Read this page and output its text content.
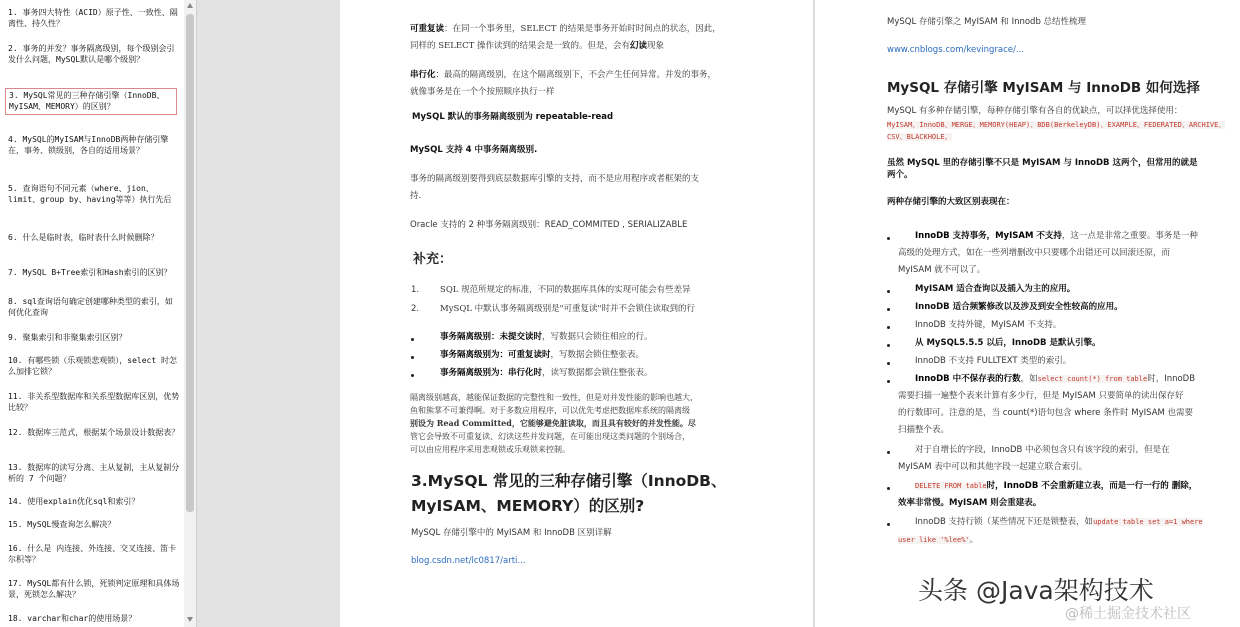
1. 事务四大特性（ACID）原子性、一致性、隔离性、持久性？
2. 事务的并发？事务隔离级别，每个级别会引发什么问题，MySQL默认是哪个级别？
3. MySQL常见的三种存储引擎（InnoDB、MyISAM、MEMORY）的区别？
4. MySQL的MyISAM与InnoDB两种存储引擎在，事务、锁级别，各自的适用场景？
5. 查询语句不同元素（where、jion、limit、group by、having等等）执行先后
6. 什么是临时表，临时表什么时候删除？
7. MySQL B+Tree索引和Hash索引的区别？
8. sql查询语句确定创建哪种类型的索引，如何优化查询
9. 聚集索引和非聚集索引区别？
10. 有哪些锁（乐观锁悲观锁），select 时怎么加排它锁？
11. 非关系型数据库和关系型数据库区别，优势比较？
12. 数据库三范式，根据某个场景设计数据表？
13. 数据库的读写分离、主从复制，主从复制分析的 7 个问题？
14. 使用explain优化sql和索引？
15. MySQL慢查询怎么解决？
16. 什么是 内连接、外连接、交叉连接、笛卡尔积等？
17. MySQL都有什么锁，死锁判定原理和具体场景，死锁怎么解决？
18. varchar和char的使用场景？
可重复读：在同一个事务里，SELECT 的结果是事务开始时时间点的状态，因此，
同样的 SELECT 操作读到的结果会是一致的。但是，会有幻读现象
串行化：最高的隔离级别，在这个隔离级别下，不会产生任何异常。并发的事务，
就像事务是在一个个按照顺序执行一样
MySQL 默认的事务隔离级别为 repeatable-read
MySQL 支持 4 中事务隔离级别.
事务的隔离级别要得到底层数据库引擎的支持，而不是应用程序或者框架的支
持.
Oracle 支持的 2 种事务隔离级别：READ_COMMITED , SERIALIZABLE
补充：
1. SQL 规范所规定的标准，不同的数据库具体的实现可能会有些差异
2. MySQL 中默认事务隔离级别是"可重复读"时并不会锁住读取到的行
事务隔离级别：未提交读时，写数据只会锁住相应的行。
事务隔离级别为：可重复读时，写数据会锁住整张表。
事务隔离级别为：串行化时，读写数据都会锁住整张表。
隔离级别越高，越能保证数据的完整性和一致性，但是对并发性能的影响也越大，
鱼和熊掌不可兼得啊。对于多数应用程序，可以优先考虑把数据库系统的隔离级
别设为 Read Committed，它能够避免脏读取，而且具有较好的并发性能。尽
管它会导致不可重复读、幻读这些并发问题，在可能出现这类问题的个别场合，
可以由应用程序采用悲观锁或乐观锁来控制。
3.MySQL 常见的三种存储引擎（InnoDB、
MyISAM、MEMORY）的区别?
MySQL 存储引擎中的 MyISAM 和 InnoDB 区别详解
blog.csdn.net/lc0817/arti...
MySQL 存储引擎之 MyISAM 和 Innodb 总结性梳理
www.cnblogs.com/kevingrace/...
MySQL 存储引擎 MyISAM 与 InnoDB 如何选择
MySQL 有多种存储引擎，每种存储引擎有各自的优缺点，可以择优选择使用：
MyISAM、InnoDB、MERGE、MEMORY(HEAP)、BDB(BerkeleyDB)、EXAMPLE、FEDERATED、ARCHIVE、
CSV、BLACKHOLE。
虽然 MySQL 里的存储引擎不只是 MyISAM 与 InnoDB 这两个，但常用的就是
两个。
两种存储引擎的大致区别表现在：
InnoDB 支持事务，MyISAM 不支持，这一点是非常之重要。事务是一种
高级的处理方式，如在一些列增删改中只要哪个出错还可以回滚还原，而
MyISAM 就不可以了。
MyISAM 适合查询以及插入为主的应用。
InnoDB 适合频繁修改以及涉及到安全性较高的应用。
InnoDB 支持外键，MyISAM 不支持。
从 MySQL5.5.5 以后，InnoDB 是默认引擎。
InnoDB 不支持 FULLTEXT 类型的索引。
InnoDB 中不保存表的行数，如select count(*) from table时，InnoDB
需要扫描一遍整个表来计算有多少行，但是 MyISAM 只要简单的读出保存好
的行数即可。注意的是，当 count(*)语句包含 where 条件时 MyISAM 也需要
扫描整个表。
对于自增长的字段，InnoDB 中必须包含只有该字段的索引，但是在
MyISAM 表中可以和其他字段一起建立联合索引。
DELETE FROM table时，InnoDB 不会重新建立表，而是一行一行的 删除，
效率非常慢。MyISAM 则会重建表。
InnoDB 支持行锁（某些情况下还是锁整表，如update table set a=1 where
user like '%lee%'。
头条 @Java架构技术
@稀土掘金技术社区
